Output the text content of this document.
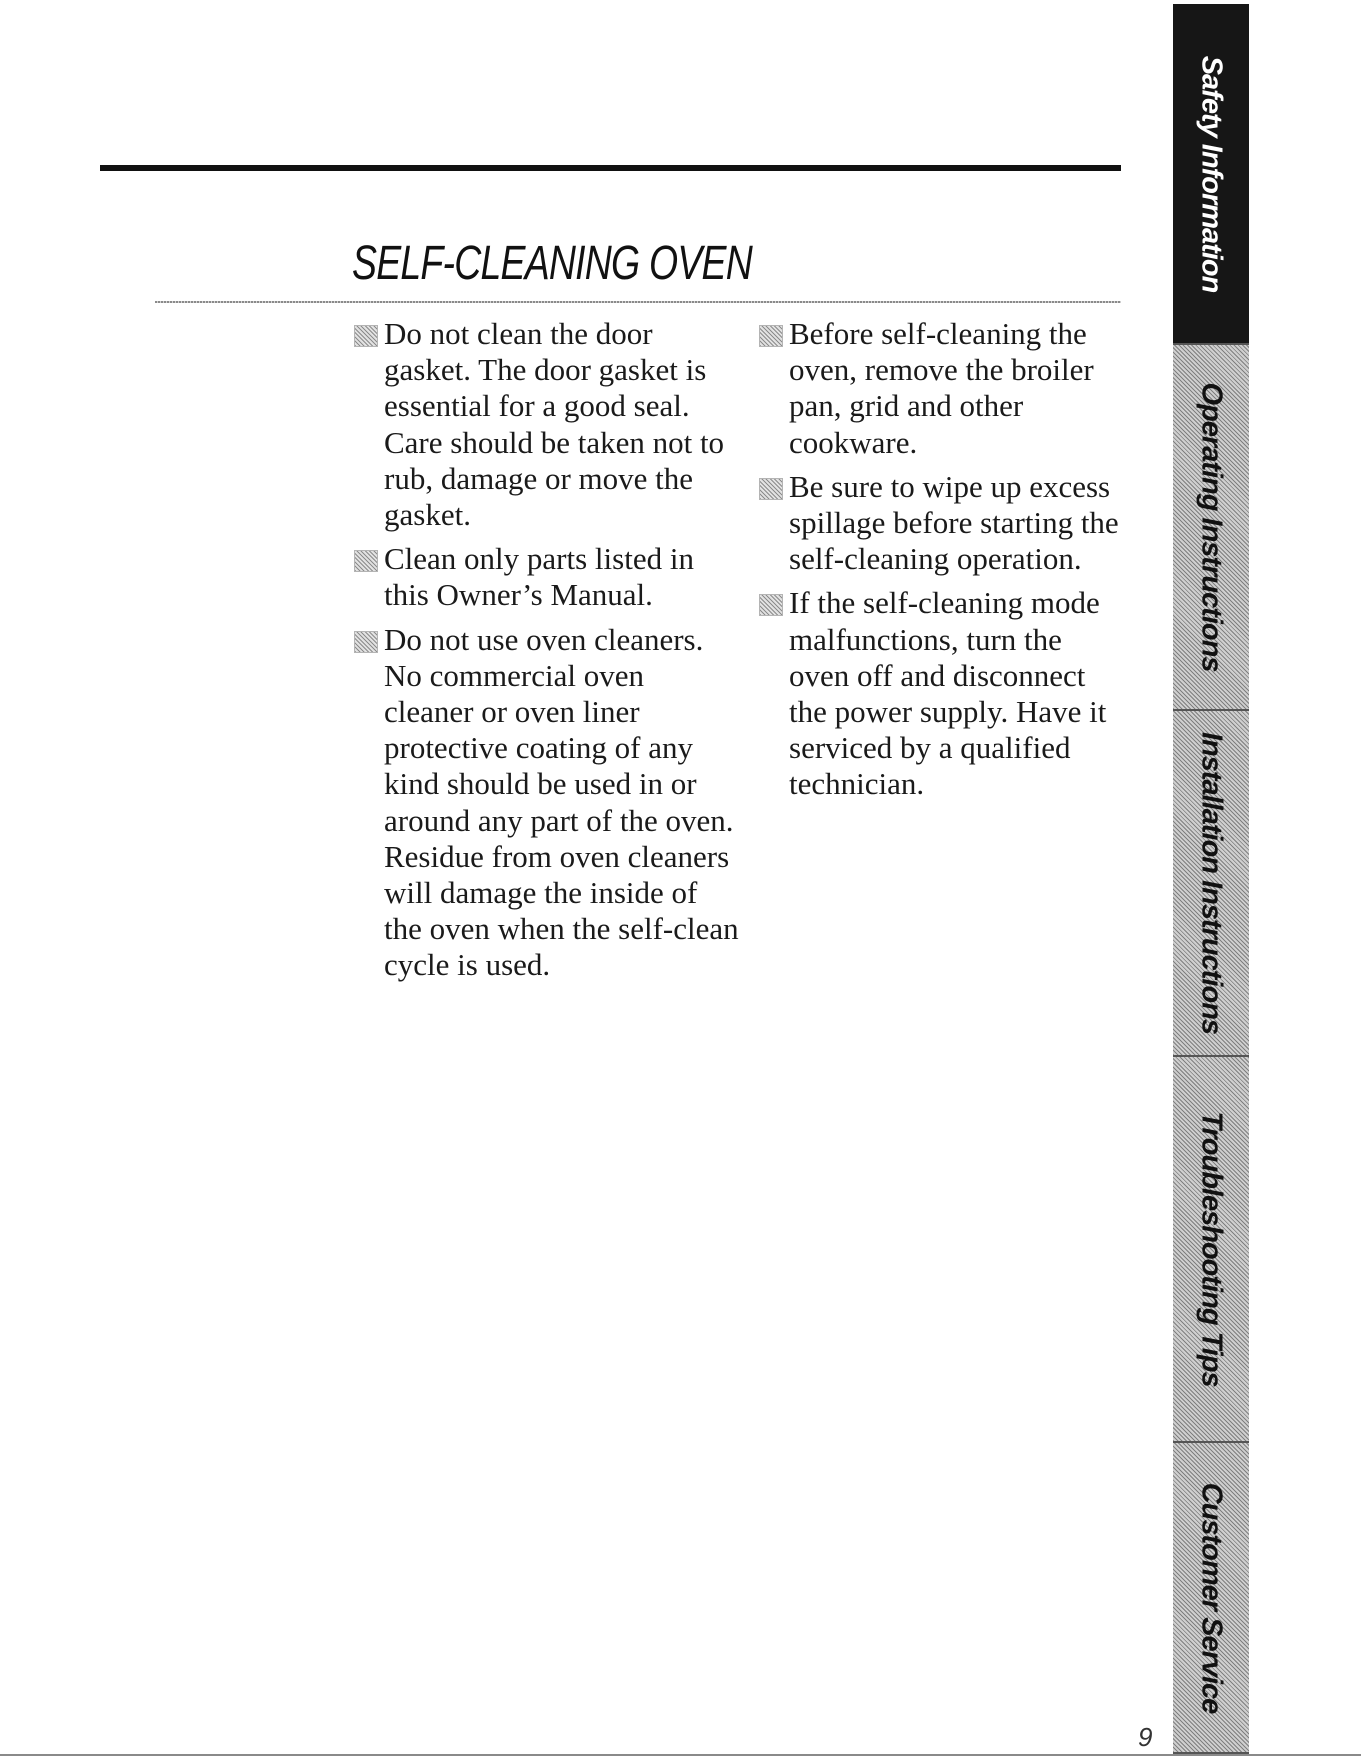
SELF-CLEANING OVEN
Do not clean the door gasket. The door gasket is essential for a good seal. Care should be taken not to rub, damage or move the gasket.
Clean only parts listed in this Owner’s Manual.
Do not use oven cleaners. No commercial oven cleaner or oven liner protective coating of any kind should be used in or around any part of the oven. Residue from oven cleaners will damage the inside of the oven when the self-clean cycle is used.
Before self-cleaning the oven, remove the broiler pan, grid and other cookware.
Be sure to wipe up excess spillage before starting the self-cleaning operation.
If the self-cleaning mode malfunctions, turn the oven off and disconnect the power supply. Have it serviced by a qualified technician.
Safety Information
Operating Instructions
Installation Instructions
Troubleshooting Tips
Customer Service
9
